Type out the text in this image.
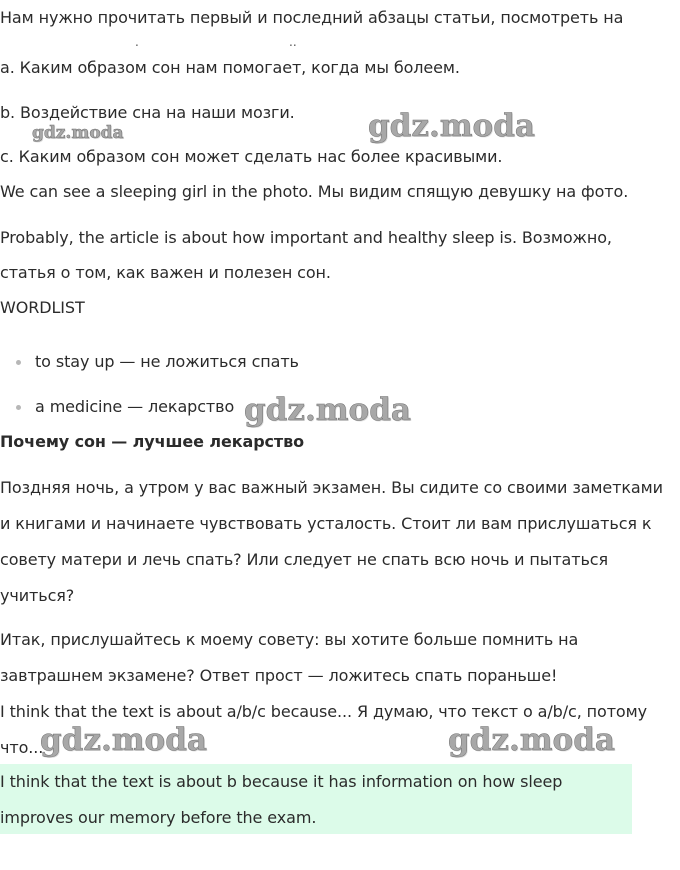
Нам нужно прочитать первый и последний абзацы статьи, посмотреть на
.	..
a. Каким образом сон нам помогает, когда мы болеем.
b. Воздействие сна на наши мозги.
c. Каким образом сон может сделать нас более красивыми.
We can see a sleeping girl in the photo. Мы видим спящую девушку на фото.
Probably, the article is about how important and healthy sleep is. Возможно,
статья о том, как важен и полезен сон.
WORDLIST
to stay up — не ложиться спать
a medicine — лекарство
Почему сон — лучшее лекарство
Поздняя ночь, а утром у вас важный экзамен. Вы сидите со своими заметками
и книгами и начинаете чувствовать усталость. Стоит ли вам прислушаться к
совету матери и лечь спать? Или следует не спать всю ночь и пытаться
учиться?
Итак, прислушайтесь к моему совету: вы хотите больше помнить на
завтрашнем экзамене? Ответ прост — ложитесь спать пораньше!
I think that the text is about a/b/c because... Я думаю, что текст о a/b/c, потому
что...
I think that the text is about b because it has information on how sleep
improves our memory before the exam.
gdz.moda	gdz.moda
gdz.moda
gdz.moda	gdz.moda
